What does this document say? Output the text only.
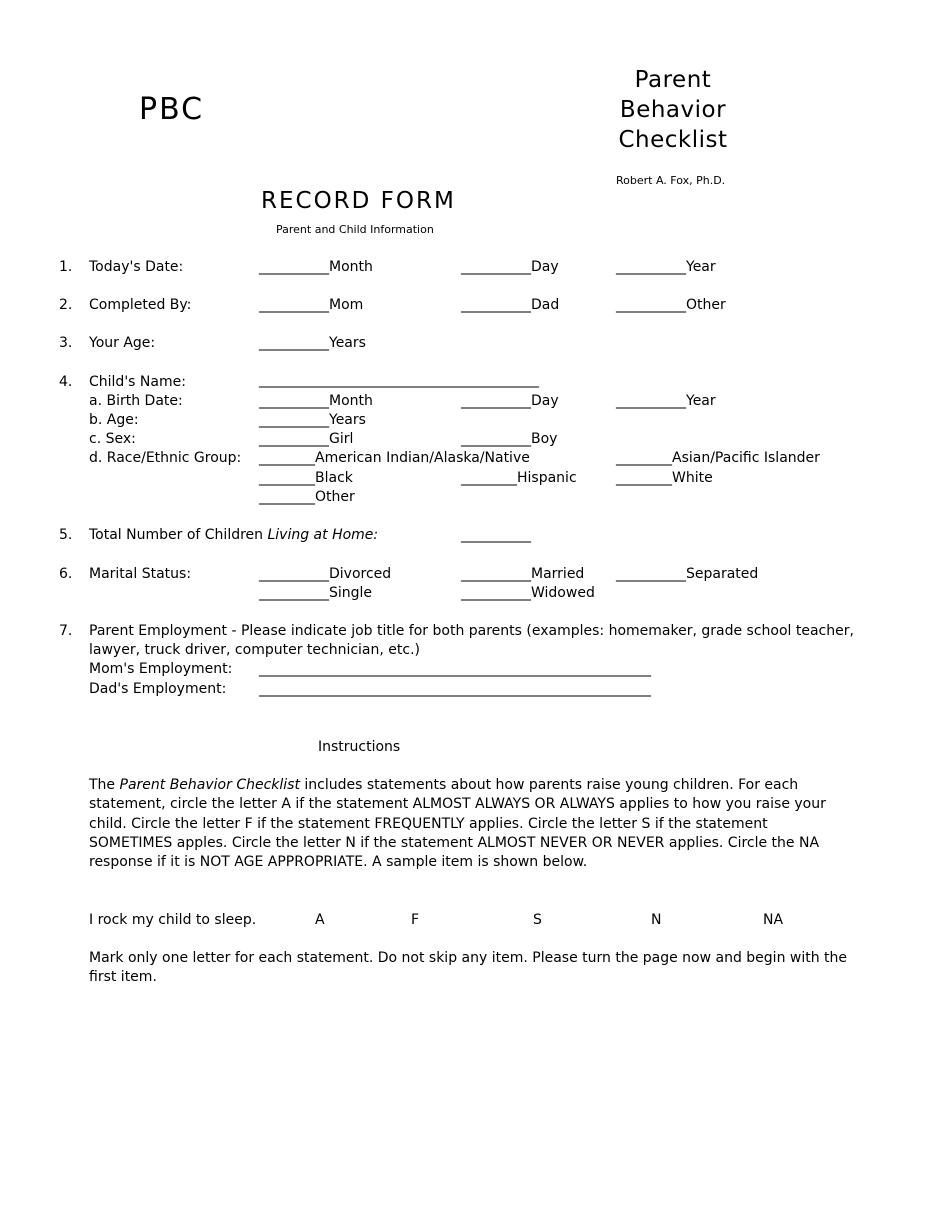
PBC
Parent
Behavior
Checklist
Robert A. Fox, Ph.D.
RECORD FORM
Parent and Child Information
1. Today's Date:	__________Month	__________Day	__________Year
2. Completed By:	__________Mom	__________Dad	__________Other
3. Your Age:	__________Years
4. Child's Name:	________________________________________
a. Birth Date:	__________Month	__________Day	__________Year
b. Age:	__________Years
c. Sex:	__________Girl	__________Boy
d. Race/Ethnic Group: ________American Indian/Alaska/Native	________Asian/Pacific Islander
________Black	________Hispanic	________White
________Other
5. Total Number of Children Living at Home:	__________
6. Marital Status:	__________Divorced	__________Married __________Separated
__________Single	__________Widowed
7. Parent Employment - Please indicate job title for both parents (examples: homemaker, grade school teacher,
lawyer, truck driver, computer technician, etc.)
Mom's Employment: ________________________________________________________
Dad's Employment: ________________________________________________________
Instructions
The Parent Behavior Checklist includes statements about how parents raise young children. For each statement, circle the letter A if the statement ALMOST ALWAYS OR ALWAYS applies to how you raise your child. Circle the letter F if the statement FREQUENTLY applies. Circle the letter S if the statement SOMETIMES apples. Circle the letter N if the statement ALMOST NEVER OR NEVER applies. Circle the NA response if it is NOT AGE APPROPRIATE. A sample item is shown below.
I rock my child to sleep.	A	F	S	N	NA
Mark only one letter for each statement. Do not skip any item. Please turn the page now and begin with the first item.
